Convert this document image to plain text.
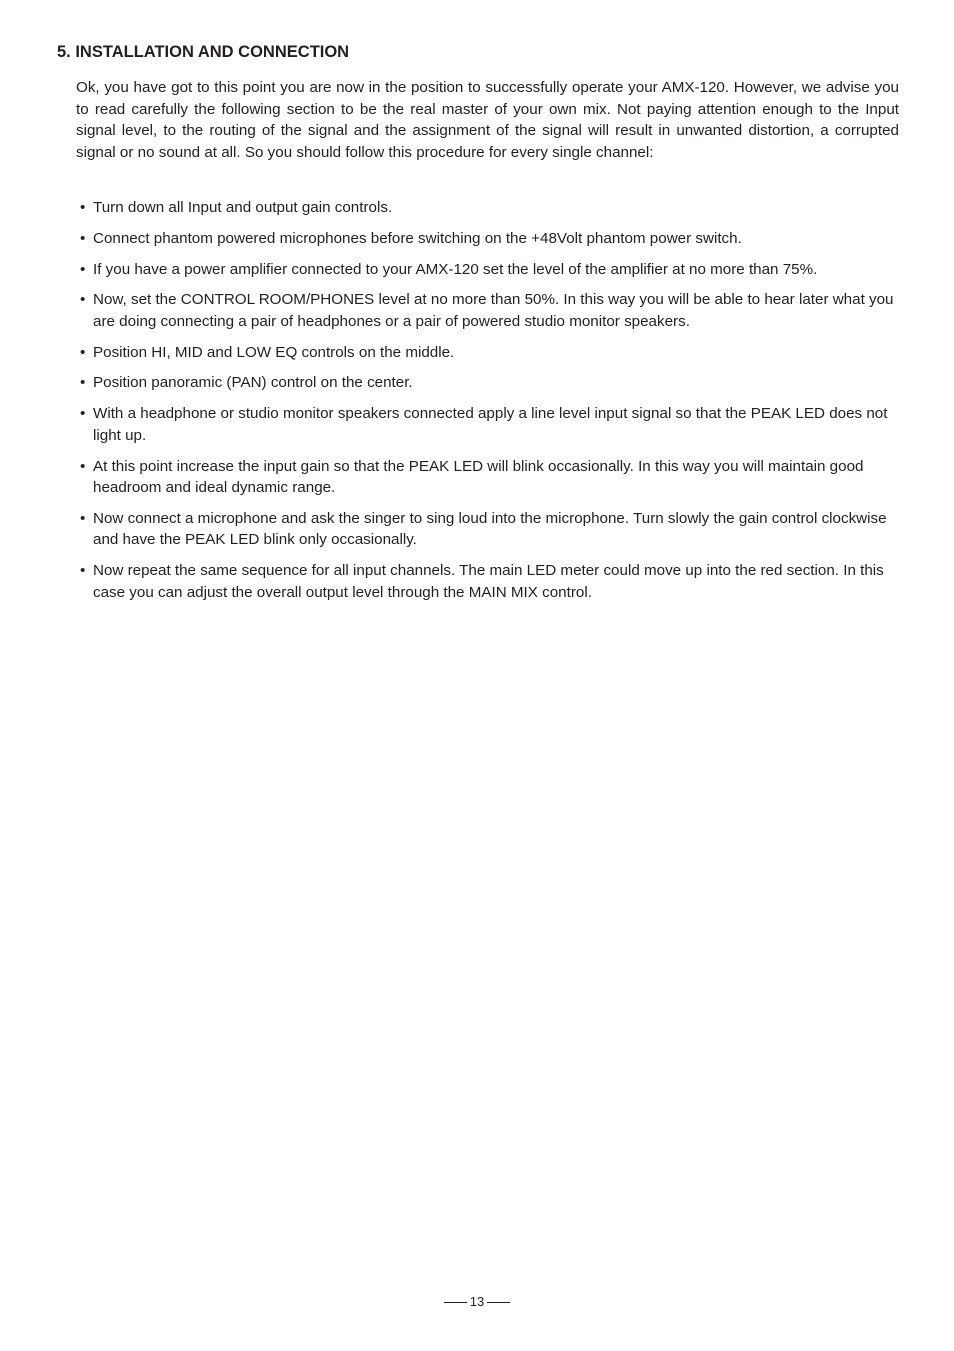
5. INSTALLATION AND CONNECTION

Ok, you have got to this point you are now in the position to successfully operate your AMX-120. However, we advise you to read carefully the following section to be the real master of your own mix. Not paying attention enough to the Input signal level, to the routing of the signal and the assignment of the signal will result in unwanted distortion, a corrupted signal or no sound at all. So you should follow this procedure for every single channel:

• Turn down all Input and output gain controls.
• Connect phantom powered microphones before switching on the +48Volt phantom power switch.
• If you have a power amplifier connected to your AMX-120 set the level of the amplifier at no more than 75%.
• Now, set the CONTROL ROOM/PHONES level at no more than 50%. In this way you will be able to hear later what you are doing connecting a pair of headphones or a pair of powered studio monitor speakers.
• Position HI, MID and LOW EQ controls on the middle.
• Position panoramic (PAN) control on the center.
• With a headphone or studio monitor speakers connected apply a line level input signal so that the PEAK LED does not light up.
• At this point increase the input gain so that the PEAK LED will blink occasionally. In this way you will maintain good headroom and ideal dynamic range.
• Now connect a microphone and ask the singer to sing loud into the microphone. Turn slowly the gain control clockwise and have the PEAK LED blink only occasionally.
• Now repeat the same sequence for all input channels. The main LED meter could move up into the red section. In this case you can adjust the overall output level through the MAIN MIX control.
13
